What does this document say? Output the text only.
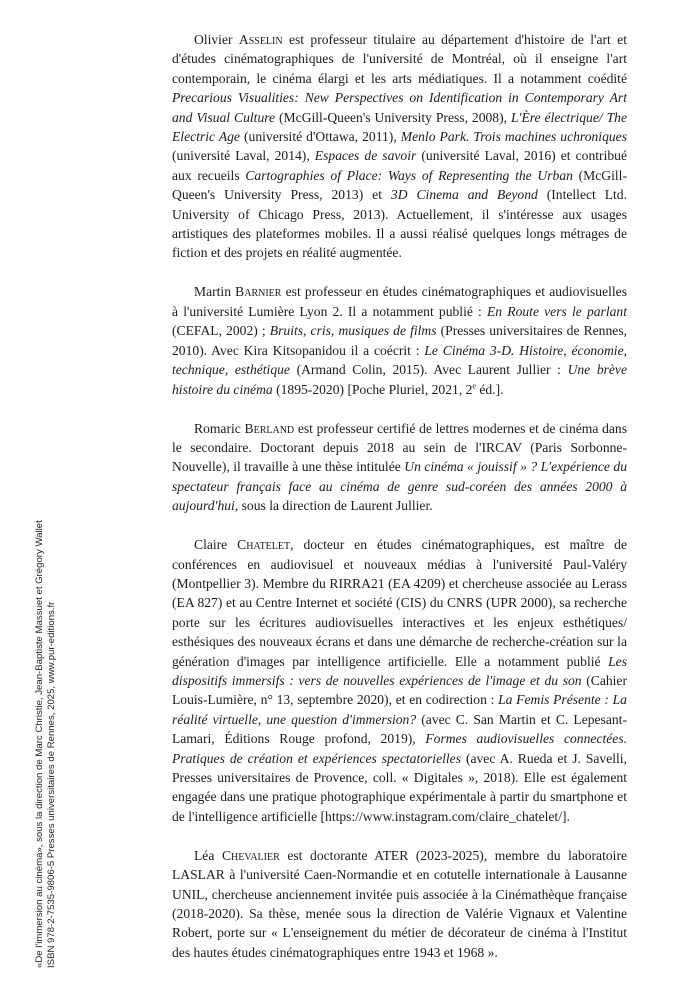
«De l'immersion au cinéma», sous la direction de Marc Christie, Jean-Baptiste Massuet et Grégory Wallet ISBN 978-2-7535-9806-5 Presses universitaires de Rennes, 2025, www.pur-editions.fr

Olivier Asselin est professeur titulaire au département d'histoire de l'art et d'études cinématographiques de l'université de Montréal, où il enseigne l'art contemporain, le cinéma élargi et les arts médiatiques. Il a notamment coédité Precarious Visualities: New Perspectives on Identification in Contemporary Art and Visual Culture (McGill-Queen's University Press, 2008), L'Ère électrique/ The Electric Age (université d'Ottawa, 2011), Menlo Park. Trois machines uchroniques (université Laval, 2014), Espaces de savoir (université Laval, 2016) et contribué aux recueils Cartographies of Place: Ways of Representing the Urban (McGill-Queen's University Press, 2013) et 3D Cinema and Beyond (Intellect Ltd. University of Chicago Press, 2013). Actuellement, il s'intéresse aux usages artistiques des plateformes mobiles. Il a aussi réalisé quelques longs métrages de fiction et des projets en réalité augmentée.

Martin Barnier est professeur en études cinématographiques et audiovisuelles à l'université Lumière Lyon 2. Il a notamment publié : En Route vers le parlant (CEFAL, 2002) ; Bruits, cris, musiques de films (Presses universitaires de Rennes, 2010). Avec Kira Kitsopanidou il a coécrit : Le Cinéma 3-D. Histoire, économie, technique, esthétique (Armand Colin, 2015). Avec Laurent Jullier : Une brève histoire du cinéma (1895-2020) [Poche Pluriel, 2021, 2e éd.].

Romaric Berland est professeur certifié de lettres modernes et de cinéma dans le secondaire. Doctorant depuis 2018 au sein de l'IRCAV (Paris Sorbonne-Nouvelle), il travaille à une thèse intitulée Un cinéma « jouissif » ? L'expérience du spectateur français face au cinéma de genre sud-coréen des années 2000 à aujourd'hui, sous la direction de Laurent Jullier.

Claire Chatelet, docteur en études cinématographiques, est maître de conférences en audiovisuel et nouveaux médias à l'université Paul-Valéry (Montpellier 3). Membre du RIRRA21 (EA 4209) et chercheuse associée au Lerass (EA 827) et au Centre Internet et société (CIS) du CNRS (UPR 2000), sa recherche porte sur les écritures audiovisuelles interactives et les enjeux esthétiques/ esthésiques des nouveaux écrans et dans une démarche de recherche-création sur la génération d'images par intelligence artificielle. Elle a notamment publié Les dispositifs immersifs : vers de nouvelles expériences de l'image et du son (Cahier Louis-Lumière, n° 13, septembre 2020), et en codirection : La Femis Présente : La réalité virtuelle, une question d'immersion? (avec C. San Martin et C. Lepesant-Lamari, Éditions Rouge profond, 2019), Formes audiovisuelles connectées. Pratiques de création et expériences spectatorielles (avec A. Rueda et J. Savelli, Presses universitaires de Provence, coll. « Digitales », 2018). Elle est également engagée dans une pratique photographique expérimentale à partir du smartphone et de l'intelligence artificielle [https://www.instagram.com/claire_chatelet/].

Léa Chevalier est doctorante ATER (2023-2025), membre du laboratoire LASLAR à l'université Caen-Normandie et en cotutelle internationale à Lausanne UNIL, chercheuse anciennement invitée puis associée à la Cinémathèque française (2018-2020). Sa thèse, menée sous la direction de Valérie Vignaux et Valentine Robert, porte sur « L'enseignement du métier de décorateur de cinéma à l'Institut des hautes études cinématographiques entre 1943 et 1968 ».
